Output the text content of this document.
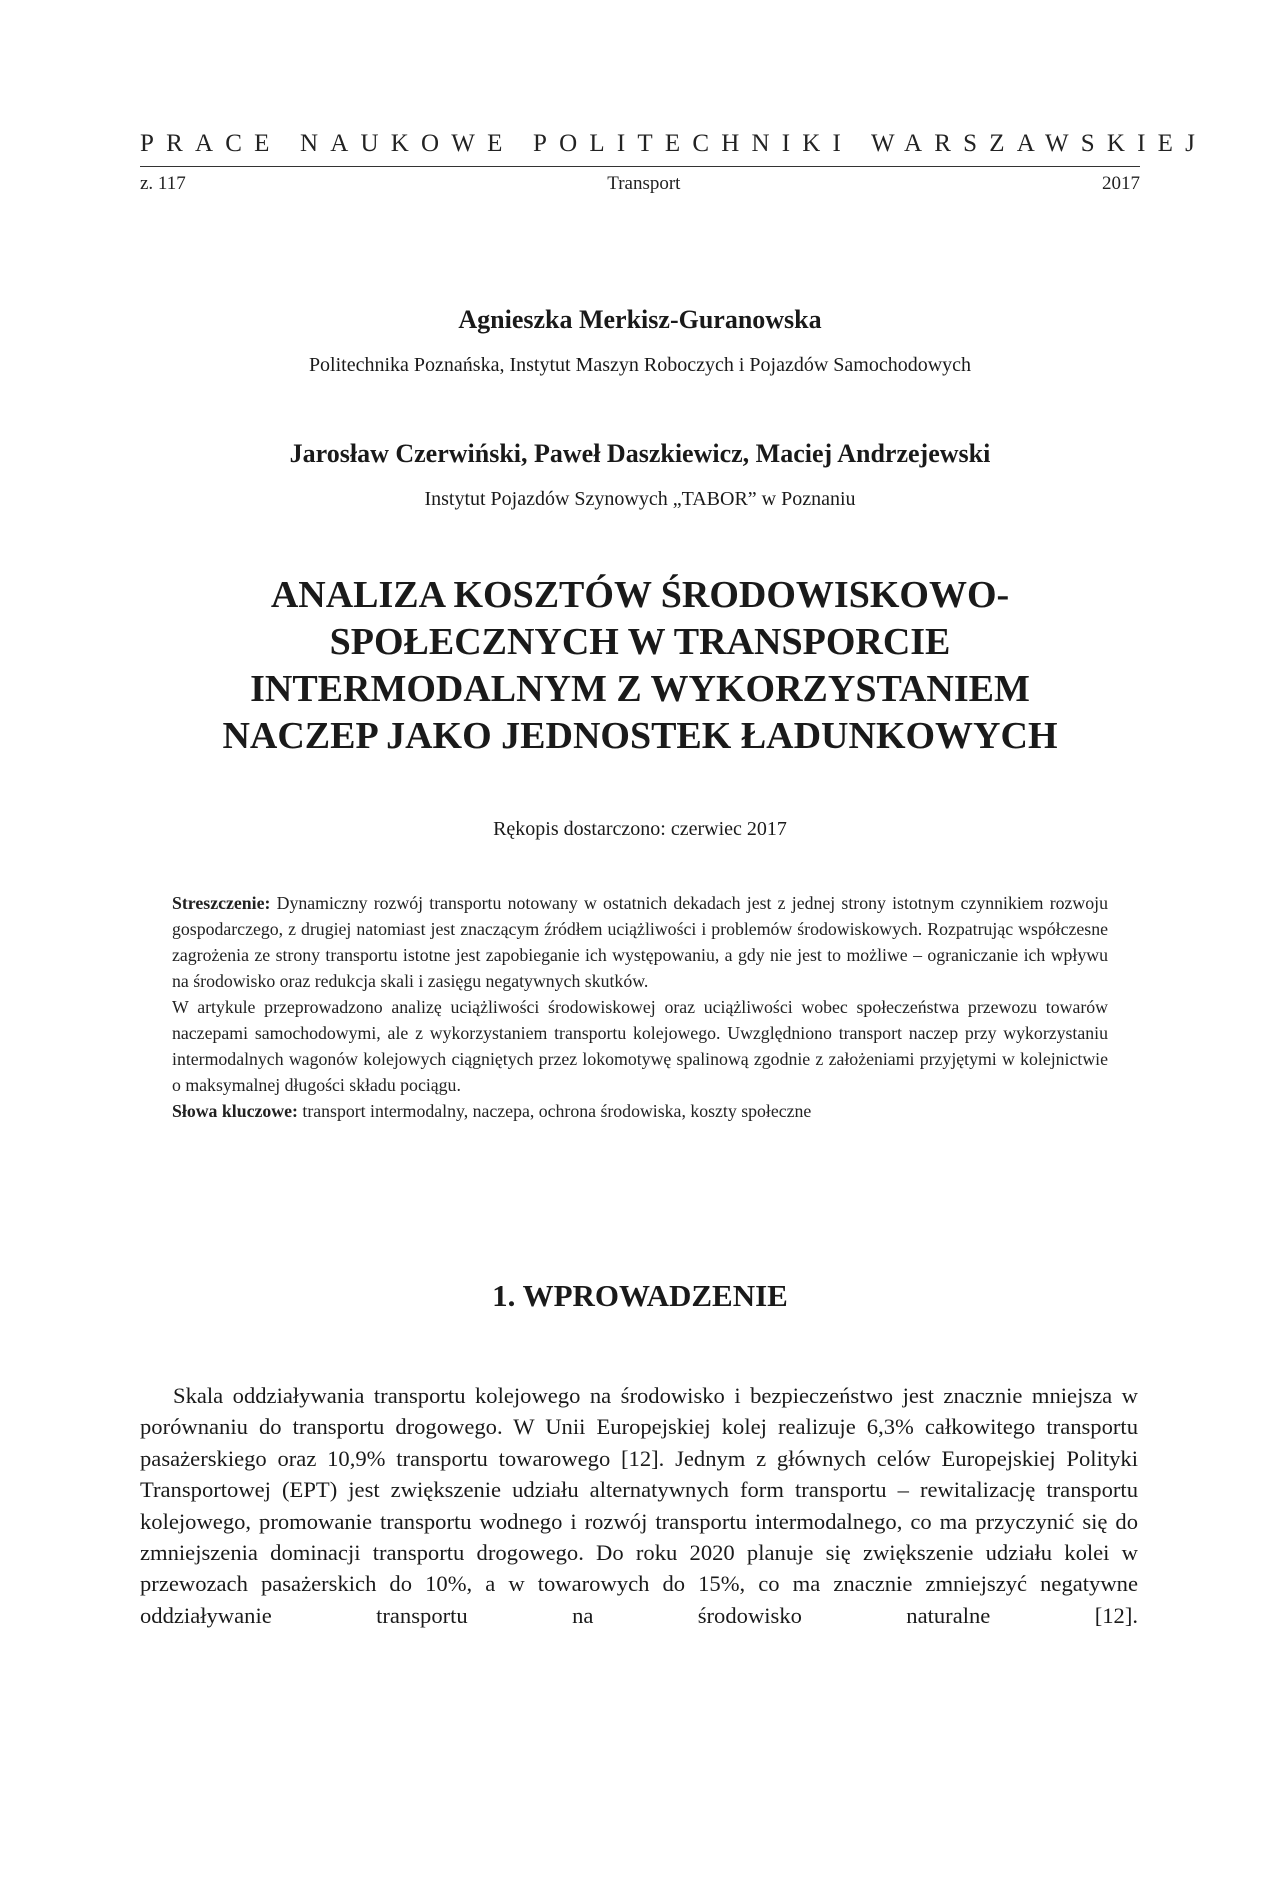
PRACE NAUKOWE POLITECHNIKI WARSZAWSKIEJ
z. 117	Transport	2017
Agnieszka Merkisz-Guranowska
Politechnika Poznańska, Instytut Maszyn Roboczych i Pojazdów Samochodowych
Jarosław Czerwiński, Paweł Daszkiewicz, Maciej Andrzejewski
Instytut Pojazdów Szynowych „TABOR” w Poznaniu
ANALIZA KOSZTÓW ŚRODOWISKOWO-
SPOŁECZNYCH W TRANSPORCIE
INTERMODALNYM Z WYKORZYSTANIEM
NACZEP JAKO JEDNOSTEK ŁADUNKOWYCH
Rękopis dostarczono: czerwiec 2017

Streszczenie: Dynamiczny rozwój transportu notowany w ostatnich dekadach jest z jednej strony istotnym czynnikiem rozwoju gospodarczego, z drugiej natomiast jest znaczącym źródłem uciążliwości i problemów środowiskowych. Rozpatrując współczesne zagrożenia ze strony transportu istotne jest zapobieganie ich występowaniu, a gdy nie jest to możliwe – ograniczanie ich wpływu na środowisko oraz redukcja skali i zasięgu negatywnych skutków.

W artykule przeprowadzono analizę uciążliwości środowiskowej oraz uciążliwości wobec społeczeństwa przewozu towarów naczepami samochodowymi, ale z wykorzystaniem transportu kolejowego. Uwzględniono transport naczep przy wykorzystaniu intermodalnych wagonów kolejowych ciągniętych przez lokomotywę spalinową zgodnie z założeniami przyjętymi w kolejnictwie o maksymalnej długości składu pociągu.

Słowa kluczowe: transport intermodalny, naczepa, ochrona środowiska, koszty społeczne

1. WPROWADZENIE

Skala oddziaływania transportu kolejowego na środowisko i bezpieczeństwo jest znacznie mniejsza w porównaniu do transportu drogowego. W Unii Europejskiej kolej realizuje 6,3% całkowitego transportu pasażerskiego oraz 10,9% transportu towarowego [12]. Jednym z głównych celów Europejskiej Polityki Transportowej (EPT) jest zwiększenie udziału alternatywnych form transportu – rewitalizację transportu kolejowego, promowanie transportu wodnego i rozwój transportu intermodalnego, co ma przyczynić się do zmniejszenia dominacji transportu drogowego. Do roku 2020 planuje się zwiększenie udziału kolei w przewozach pasażerskich do 10%, a w towarowych do 15%, co ma znacznie zmniejszyć negatywne oddziaływanie transportu na środowisko naturalne [12].
